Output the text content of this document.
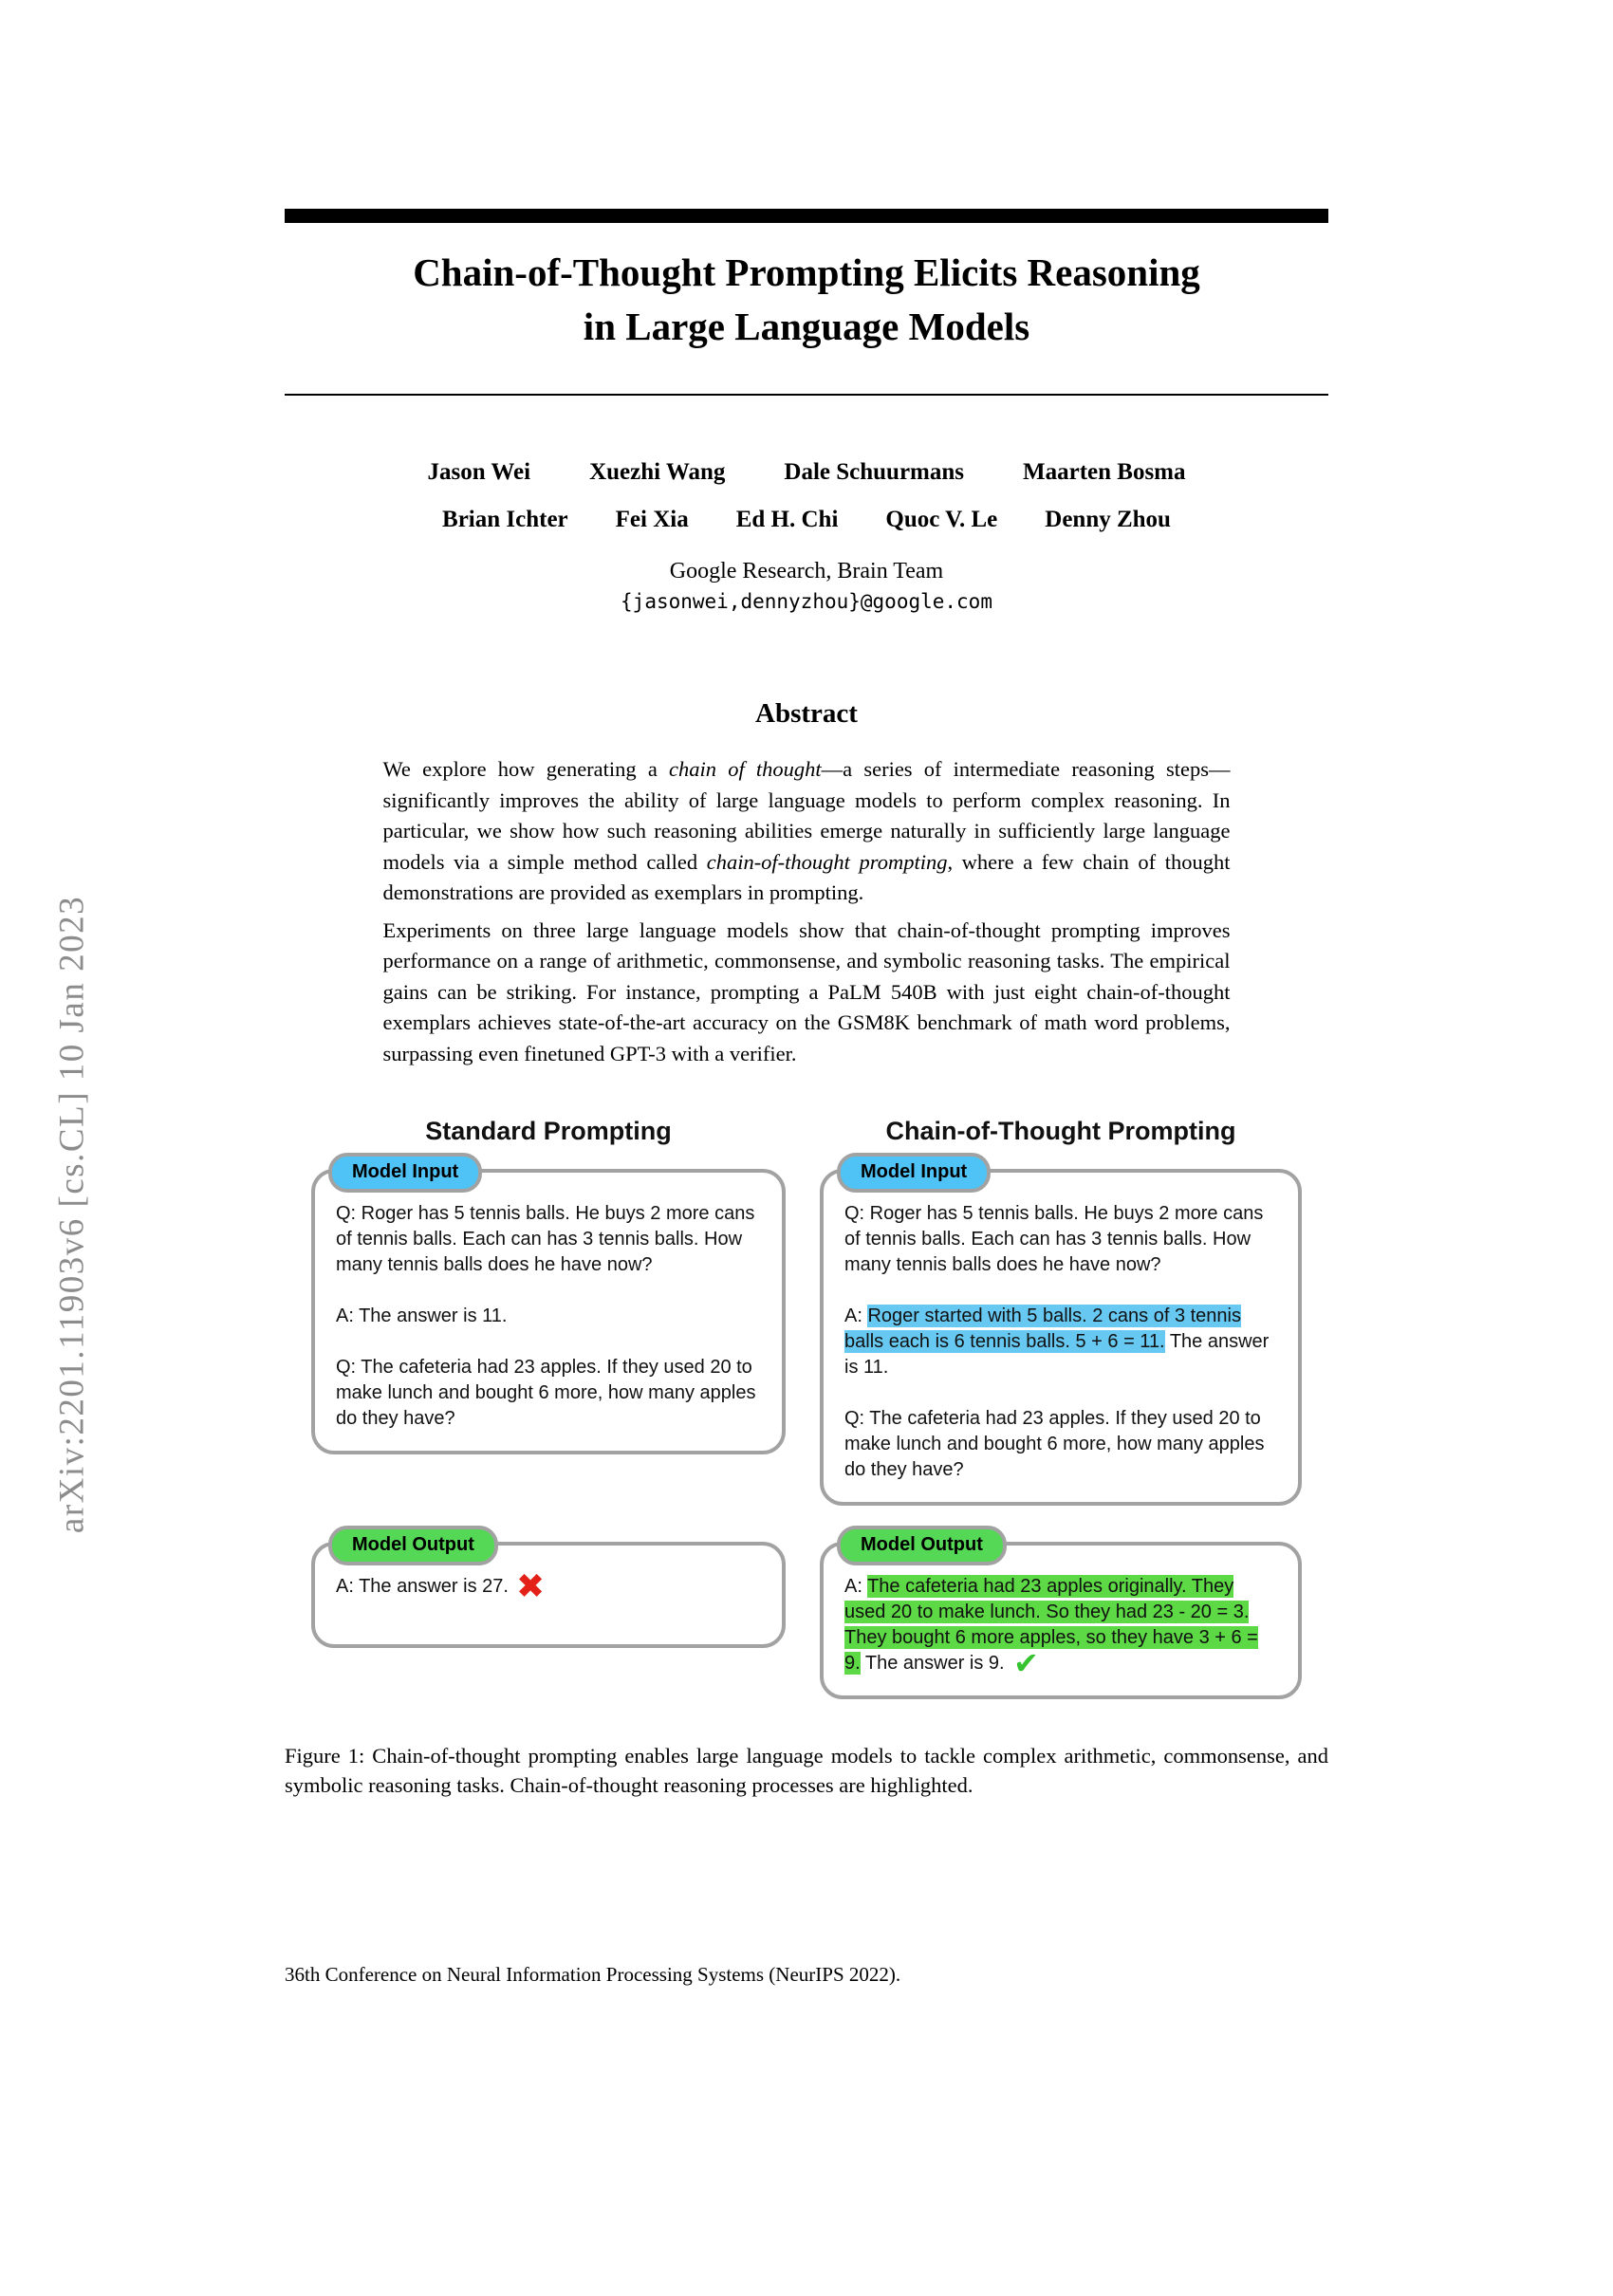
arXiv:2201.11903v6 [cs.CL] 10 Jan 2023
Chain-of-Thought Prompting Elicits Reasoning
in Large Language Models
Jason Wei Xuezhi Wang Dale Schuurmans Maarten Bosma
Brian Ichter Fei Xia Ed H. Chi Quoc V. Le Denny Zhou
Google Research, Brain Team
{jasonwei,dennyzhou}@google.com
Abstract

We explore how generating a chain of thought—a series of intermediate reasoning steps—significantly improves the ability of large language models to perform complex reasoning. In particular, we show how such reasoning abilities emerge naturally in sufficiently large language models via a simple method called chain-of-thought prompting, where a few chain of thought demonstrations are provided as exemplars in prompting.

Experiments on three large language models show that chain-of-thought prompting improves performance on a range of arithmetic, commonsense, and symbolic reasoning tasks. The empirical gains can be striking. For instance, prompting a PaLM 540B with just eight chain-of-thought exemplars achieves state-of-the-art accuracy on the GSM8K benchmark of math word problems, surpassing even finetuned GPT-3 with a verifier.

Standard Prompting
Model Input

Q: Roger has 5 tennis balls. He buys 2 more cans of tennis balls. Each can has 3 tennis balls. How many tennis balls does he have now?

A: The answer is 11.

Q: The cafeteria had 23 apples. If they used 20 to make lunch and bought 6 more, how many apples do they have?

Chain-of-Thought Prompting
Model Input

Q: Roger has 5 tennis balls. He buys 2 more cans of tennis balls. Each can has 3 tennis balls. How many tennis balls does he have now?

A: Roger started with 5 balls. 2 cans of 3 tennis balls each is 6 tennis balls. 5 + 6 = 11. The answer is 11.

Q: The cafeteria had 23 apples. If they used 20 to make lunch and bought 6 more, how many apples do they have?

Model Output

A: The answer is 27. ✖

Model Output

A: The cafeteria had 23 apples originally. They used 20 to make lunch. So they had 23 - 20 = 3. They bought 6 more apples, so they have 3 + 6 = 9. The answer is 9. ✔

Figure 1: Chain-of-thought prompting enables large language models to tackle complex arithmetic, commonsense, and symbolic reasoning tasks. Chain-of-thought reasoning processes are highlighted.
36th Conference on Neural Information Processing Systems (NeurIPS 2022).
